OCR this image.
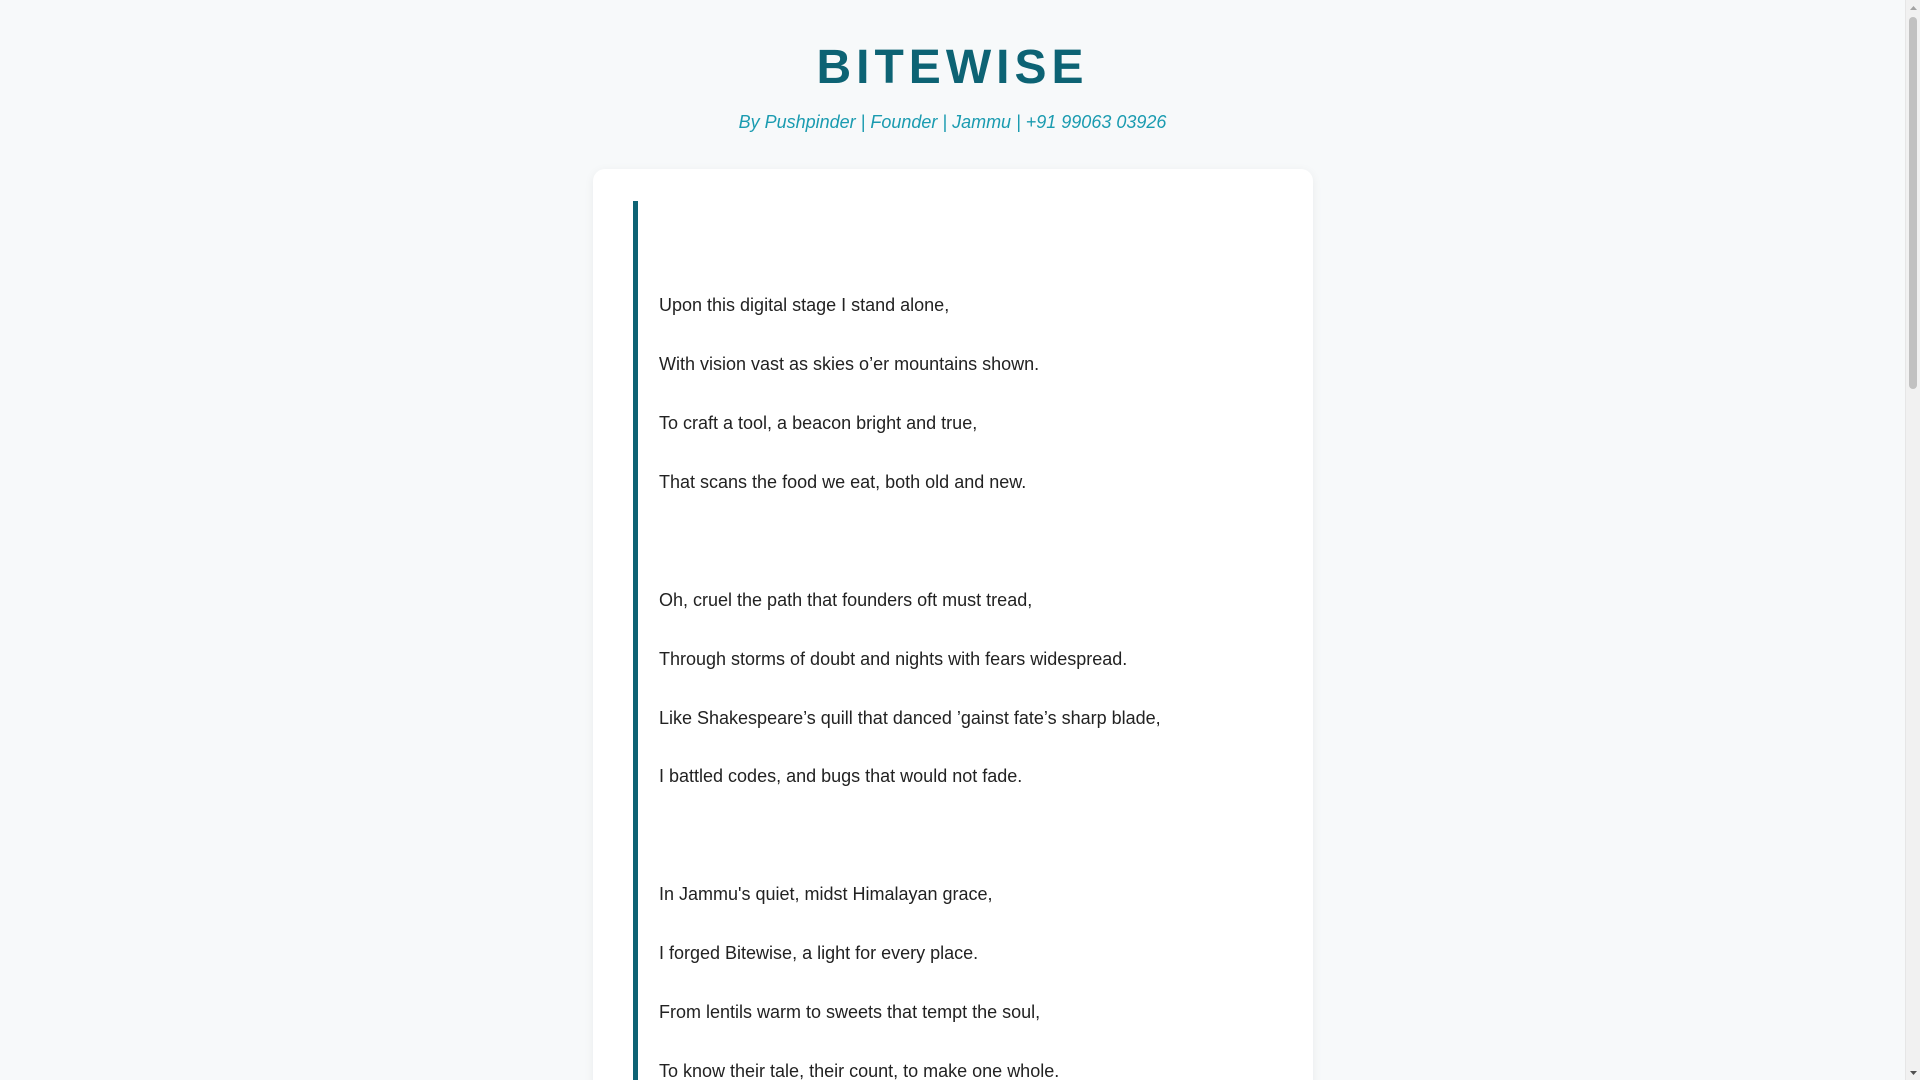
BITEWISE

By Pushpinder | Founder | Jammu | +91 99063 03926

Upon this digital stage I stand alone,

With vision vast as skies o’er mountains shown.

To craft a tool, a beacon bright and true,

That scans the food we eat, both old and new.

Oh, cruel the path that founders oft must tread,

Through storms of doubt and nights with fears widespread.

Like Shakespeare’s quill that danced ’gainst fate’s sharp blade,

I battled codes, and bugs that would not fade.

In Jammu's quiet, midst Himalayan grace,

I forged Bitewise, a light for every place.

From lentils warm to sweets that tempt the soul,

To know their tale, their count, to make one whole.
